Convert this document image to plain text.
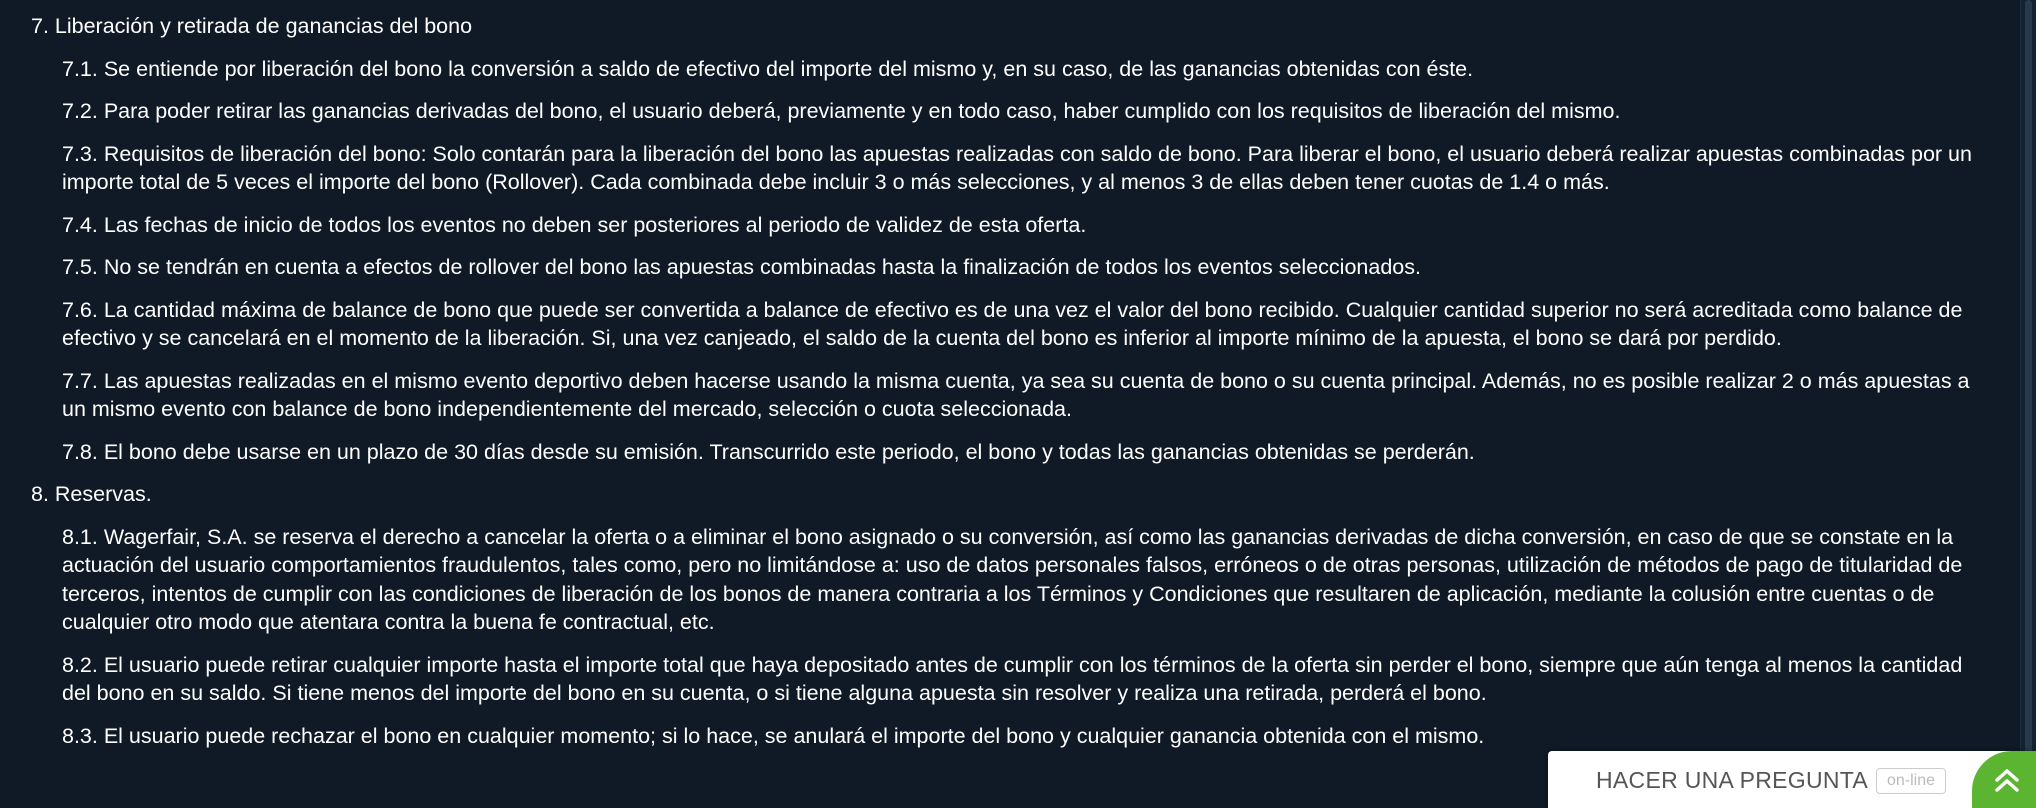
7. Liberación y retirada de ganancias del bono
7.1. Se entiende por liberación del bono la conversión a saldo de efectivo del importe del mismo y, en su caso, de las ganancias obtenidas con éste.
7.2. Para poder retirar las ganancias derivadas del bono, el usuario deberá, previamente y en todo caso, haber cumplido con los requisitos de liberación del mismo.
7.3. Requisitos de liberación del bono: Solo contarán para la liberación del bono las apuestas realizadas con saldo de bono. Para liberar el bono, el usuario deberá realizar apuestas combinadas por un importe total de 5 veces el importe del bono (Rollover). Cada combinada debe incluir 3 o más selecciones, y al menos 3 de ellas deben tener cuotas de 1.4 o más.
7.4. Las fechas de inicio de todos los eventos no deben ser posteriores al periodo de validez de esta oferta.
7.5. No se tendrán en cuenta a efectos de rollover del bono las apuestas combinadas hasta la finalización de todos los eventos seleccionados.
7.6. La cantidad máxima de balance de bono que puede ser convertida a balance de efectivo es de una vez el valor del bono recibido. Cualquier cantidad superior no será acreditada como balance de efectivo y se cancelará en el momento de la liberación. Si, una vez canjeado, el saldo de la cuenta del bono es inferior al importe mínimo de la apuesta, el bono se dará por perdido.
7.7. Las apuestas realizadas en el mismo evento deportivo deben hacerse usando la misma cuenta, ya sea su cuenta de bono o su cuenta principal. Además, no es posible realizar 2 o más apuestas a un mismo evento con balance de bono independientemente del mercado, selección o cuota seleccionada.
7.8. El bono debe usarse en un plazo de 30 días desde su emisión. Transcurrido este periodo, el bono y todas las ganancias obtenidas se perderán.
8. Reservas.
8.1. Wagerfair, S.A. se reserva el derecho a cancelar la oferta o a eliminar el bono asignado o su conversión, así como las ganancias derivadas de dicha conversión, en caso de que se constate en la actuación del usuario comportamientos fraudulentos, tales como, pero no limitándose a: uso de datos personales falsos, erróneos o de otras personas, utilización de métodos de pago de titularidad de terceros, intentos de cumplir con las condiciones de liberación de los bonos de manera contraria a los Términos y Condiciones que resultaren de aplicación, mediante la colusión entre cuentas o de cualquier otro modo que atentara contra la buena fe contractual, etc.
8.2. El usuario puede retirar cualquier importe hasta el importe total que haya depositado antes de cumplir con los términos de la oferta sin perder el bono, siempre que aún tenga al menos la cantidad del bono en su saldo. Si tiene menos del importe del bono en su cuenta, o si tiene alguna apuesta sin resolver y realiza una retirada, perderá el bono.
8.3. El usuario puede rechazar el bono en cualquier momento; si lo hace, se anulará el importe del bono y cualquier ganancia obtenida con el mismo.
HACER UNA PREGUNTA	on-line
